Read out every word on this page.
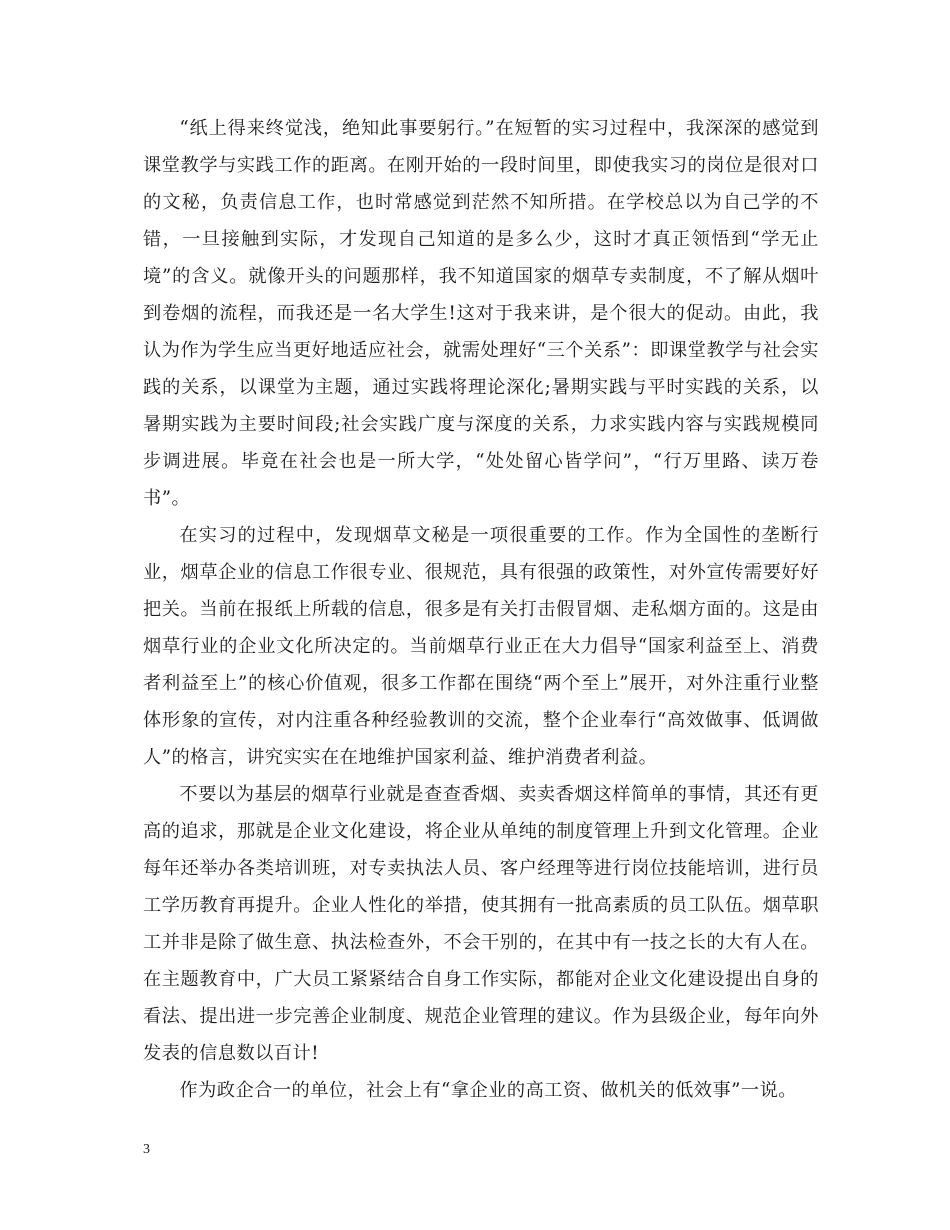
“纸上得来终觉浅，绝知此事要躬行。”在短暂的实习过程中，我深深的感觉到课堂教学与实践工作的距离。在刚开始的一段时间里，即使我实习的岗位是很对口的文秘，负责信息工作，也时常感觉到茫然不知所措。在学校总以为自己学的不错，一旦接触到实际，才发现自己知道的是多么少，这时才真正领悟到“学无止境”的含义。就像开头的问题那样，我不知道国家的烟草专卖制度，不了解从烟叶到卷烟的流程，而我还是一名大学生!这对于我来讲，是个很大的促动。由此，我认为作为学生应当更好地适应社会，就需处理好“三个关系”：即课堂教学与社会实践的关系，以课堂为主题，通过实践将理论深化;暑期实践与平时实践的关系，以暑期实践为主要时间段;社会实践广度与深度的关系，力求实践内容与实践规模同步调进展。毕竟在社会也是一所大学，“处处留心皆学问”，“行万里路、读万卷书”。

在实习的过程中，发现烟草文秘是一项很重要的工作。作为全国性的垄断行业，烟草企业的信息工作很专业、很规范，具有很强的政策性，对外宣传需要好好把关。当前在报纸上所载的信息，很多是有关打击假冒烟、走私烟方面的。这是由烟草行业的企业文化所决定的。当前烟草行业正在大力倡导“国家利益至上、消费者利益至上”的核心价值观，很多工作都在围绕“两个至上”展开，对外注重行业整体形象的宣传，对内注重各种经验教训的交流，整个企业奉行“高效做事、低调做人”的格言，讲究实实在在地维护国家利益、维护消费者利益。

不要以为基层的烟草行业就是查查香烟、卖卖香烟这样简单的事情，其还有更高的追求，那就是企业文化建设，将企业从单纯的制度管理上升到文化管理。企业每年还举办各类培训班，对专卖执法人员、客户经理等进行岗位技能培训，进行员工学历教育再提升。企业人性化的举措，使其拥有一批高素质的员工队伍。烟草职工并非是除了做生意、执法检查外，不会干别的，在其中有一技之长的大有人在。在主题教育中，广大员工紧紧结合自身工作实际，都能对企业文化建设提出自身的看法、提出进一步完善企业制度、规范企业管理的建议。作为县级企业，每年向外发表的信息数以百计!

作为政企合一的单位，社会上有“拿企业的高工资、做机关的低效事”一说。

3
